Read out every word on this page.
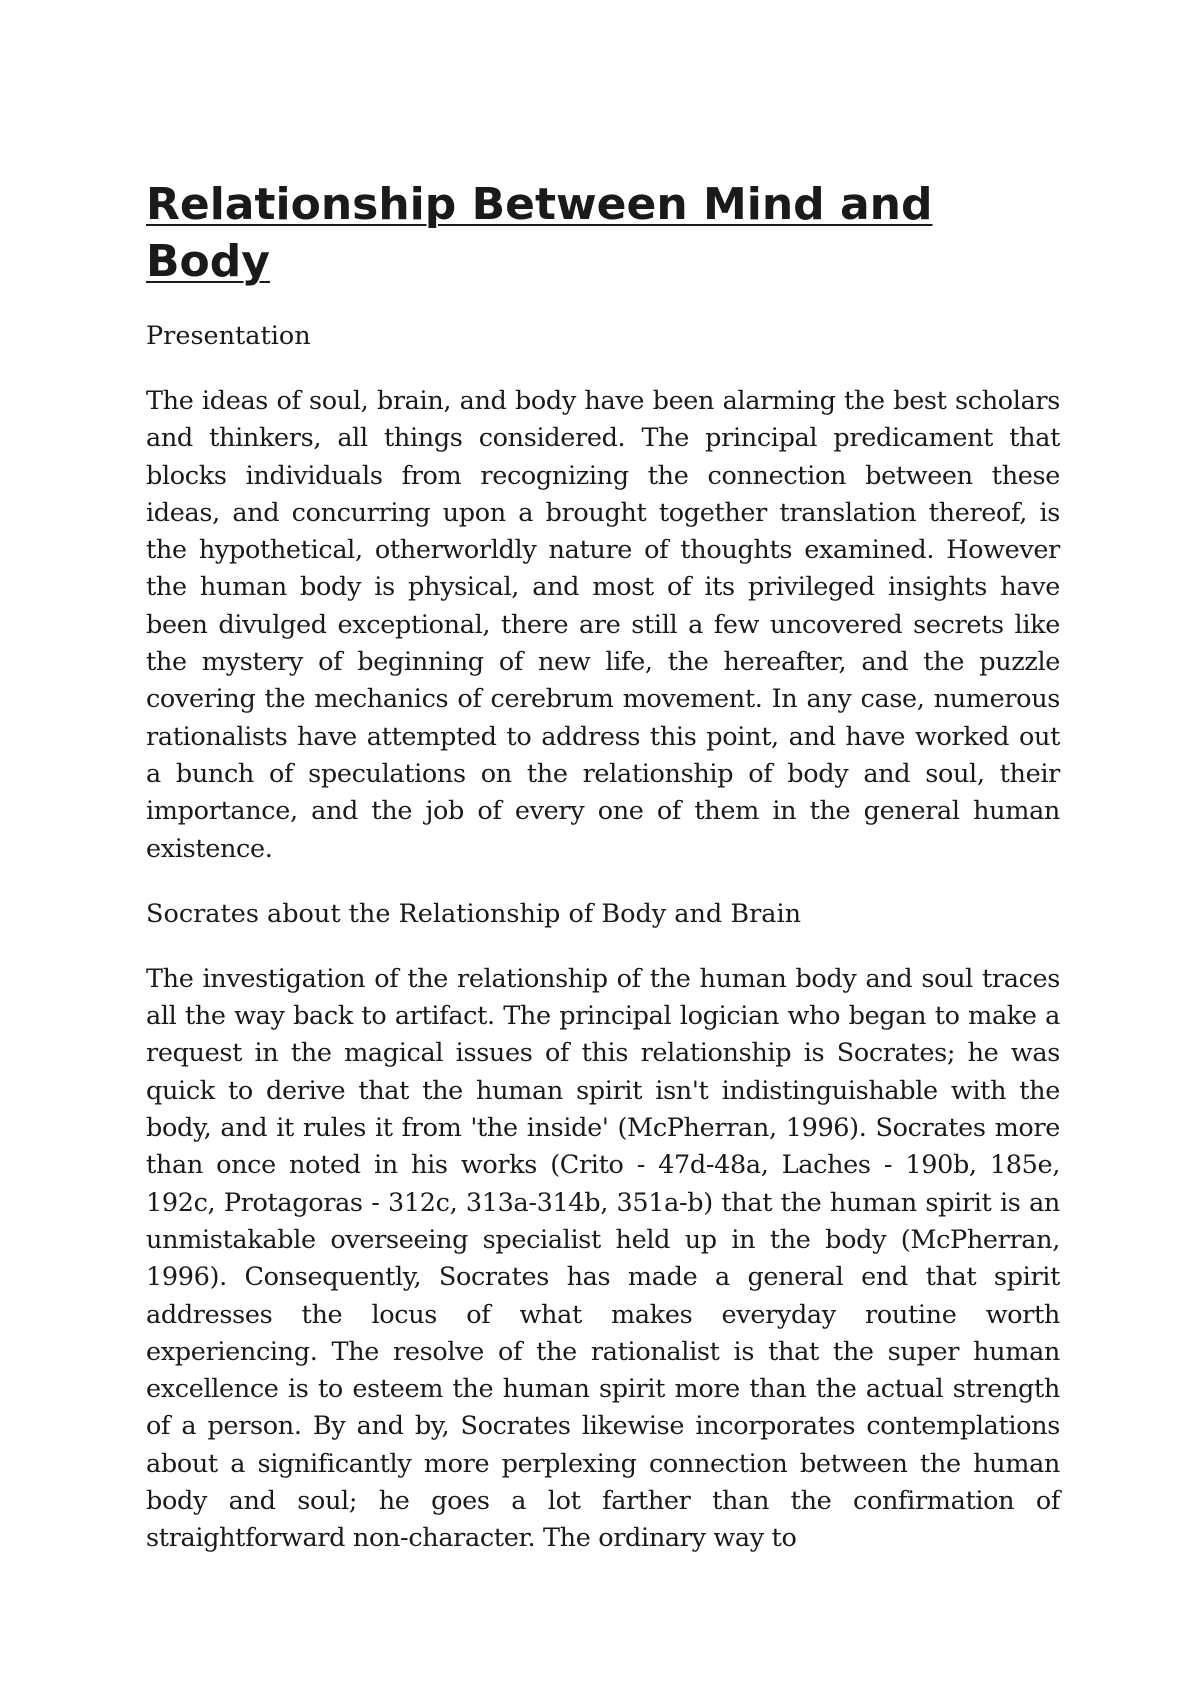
Relationship Between Mind and Body

Presentation

The ideas of soul, brain, and body have been alarming the best scholars and thinkers, all things considered. The principal predicament that blocks individuals from recognizing the connection between these ideas, and concurring upon a brought together translation thereof, is the hypothetical, otherworldly nature of thoughts examined. However the human body is physical, and most of its privileged insights have been divulged exceptional, there are still a few uncovered secrets like the mystery of beginning of new life, the hereafter, and the puzzle covering the mechanics of cerebrum movement. In any case, numerous rationalists have attempted to address this point, and have worked out a bunch of speculations on the relationship of body and soul, their importance, and the job of every one of them in the general human existence.

Socrates about the Relationship of Body and Brain

The investigation of the relationship of the human body and soul traces all the way back to artifact. The principal logician who began to make a request in the magical issues of this relationship is Socrates; he was quick to derive that the human spirit isn't indistinguishable with the body, and it rules it from 'the inside' (McPherran, 1996). Socrates more than once noted in his works (Crito - 47d-48a, Laches - 190b, 185e, 192c, Protagoras - 312c, 313a-314b, 351a-b) that the human spirit is an unmistakable overseeing specialist held up in the body (McPherran, 1996). Consequently, Socrates has made a general end that spirit addresses the locus of what makes everyday routine worth experiencing. The resolve of the rationalist is that the super human excellence is to esteem the human spirit more than the actual strength of a person. By and by, Socrates likewise incorporates contemplations about a significantly more perplexing connection between the human body and soul; he goes a lot farther than the confirmation of straightforward non-character. The ordinary way to
